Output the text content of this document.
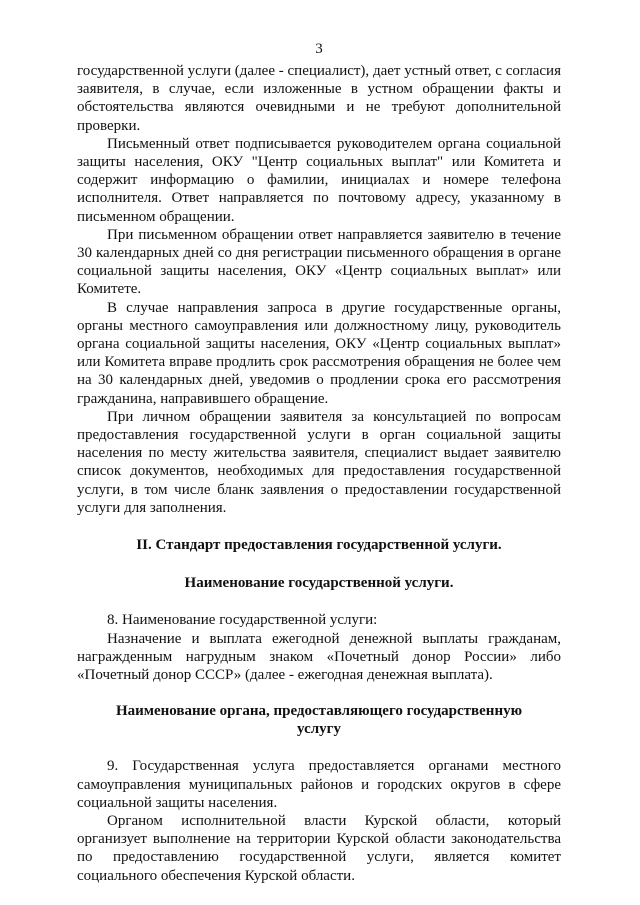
3

государственной услуги (далее - специалист), дает устный ответ, с согласия заявителя, в случае, если изложенные в устном обращении факты и обстоятельства являются очевидными и не требуют дополнительной проверки.

Письменный ответ подписывается руководителем органа социальной защиты населения, ОКУ "Центр социальных выплат" или Комитета и содержит информацию о фамилии, инициалах и номере телефона исполнителя. Ответ направляется по почтовому адресу, указанному в письменном обращении.

При письменном обращении ответ направляется заявителю в течение 30 календарных дней со дня регистрации письменного обращения в органе социальной защиты населения, ОКУ «Центр социальных выплат» или Комитете.

В случае направления запроса в другие государственные органы, органы местного самоуправления или должностному лицу, руководитель органа социальной защиты населения, ОКУ «Центр социальных выплат» или Комитета вправе продлить срок рассмотрения обращения не более чем на 30 календарных дней, уведомив о продлении срока его рассмотрения гражданина, направившего обращение.

При личном обращении заявителя за консультацией по вопросам предоставления государственной услуги в орган социальной защиты населения по месту жительства заявителя, специалист выдает заявителю список документов, необходимых для предоставления государственной услуги, в том числе бланк заявления о предоставлении государственной услуги для заполнения.

II. Стандарт предоставления государственной услуги.

Наименование государственной услуги.

8. Наименование государственной услуги:

Назначение и выплата ежегодной денежной выплаты гражданам, награжденным нагрудным знаком «Почетный донор России» либо «Почетный донор СССР» (далее - ежегодная денежная выплата).

Наименование органа, предоставляющего государственную
услугу

9. Государственная услуга предоставляется органами местного самоуправления муниципальных районов и городских округов в сфере социальной защиты населения.

Органом исполнительной власти Курской области, который организует выполнение на территории Курской области законодательства по предоставлению государственной услуги, является комитет социального обеспечения Курской области.
